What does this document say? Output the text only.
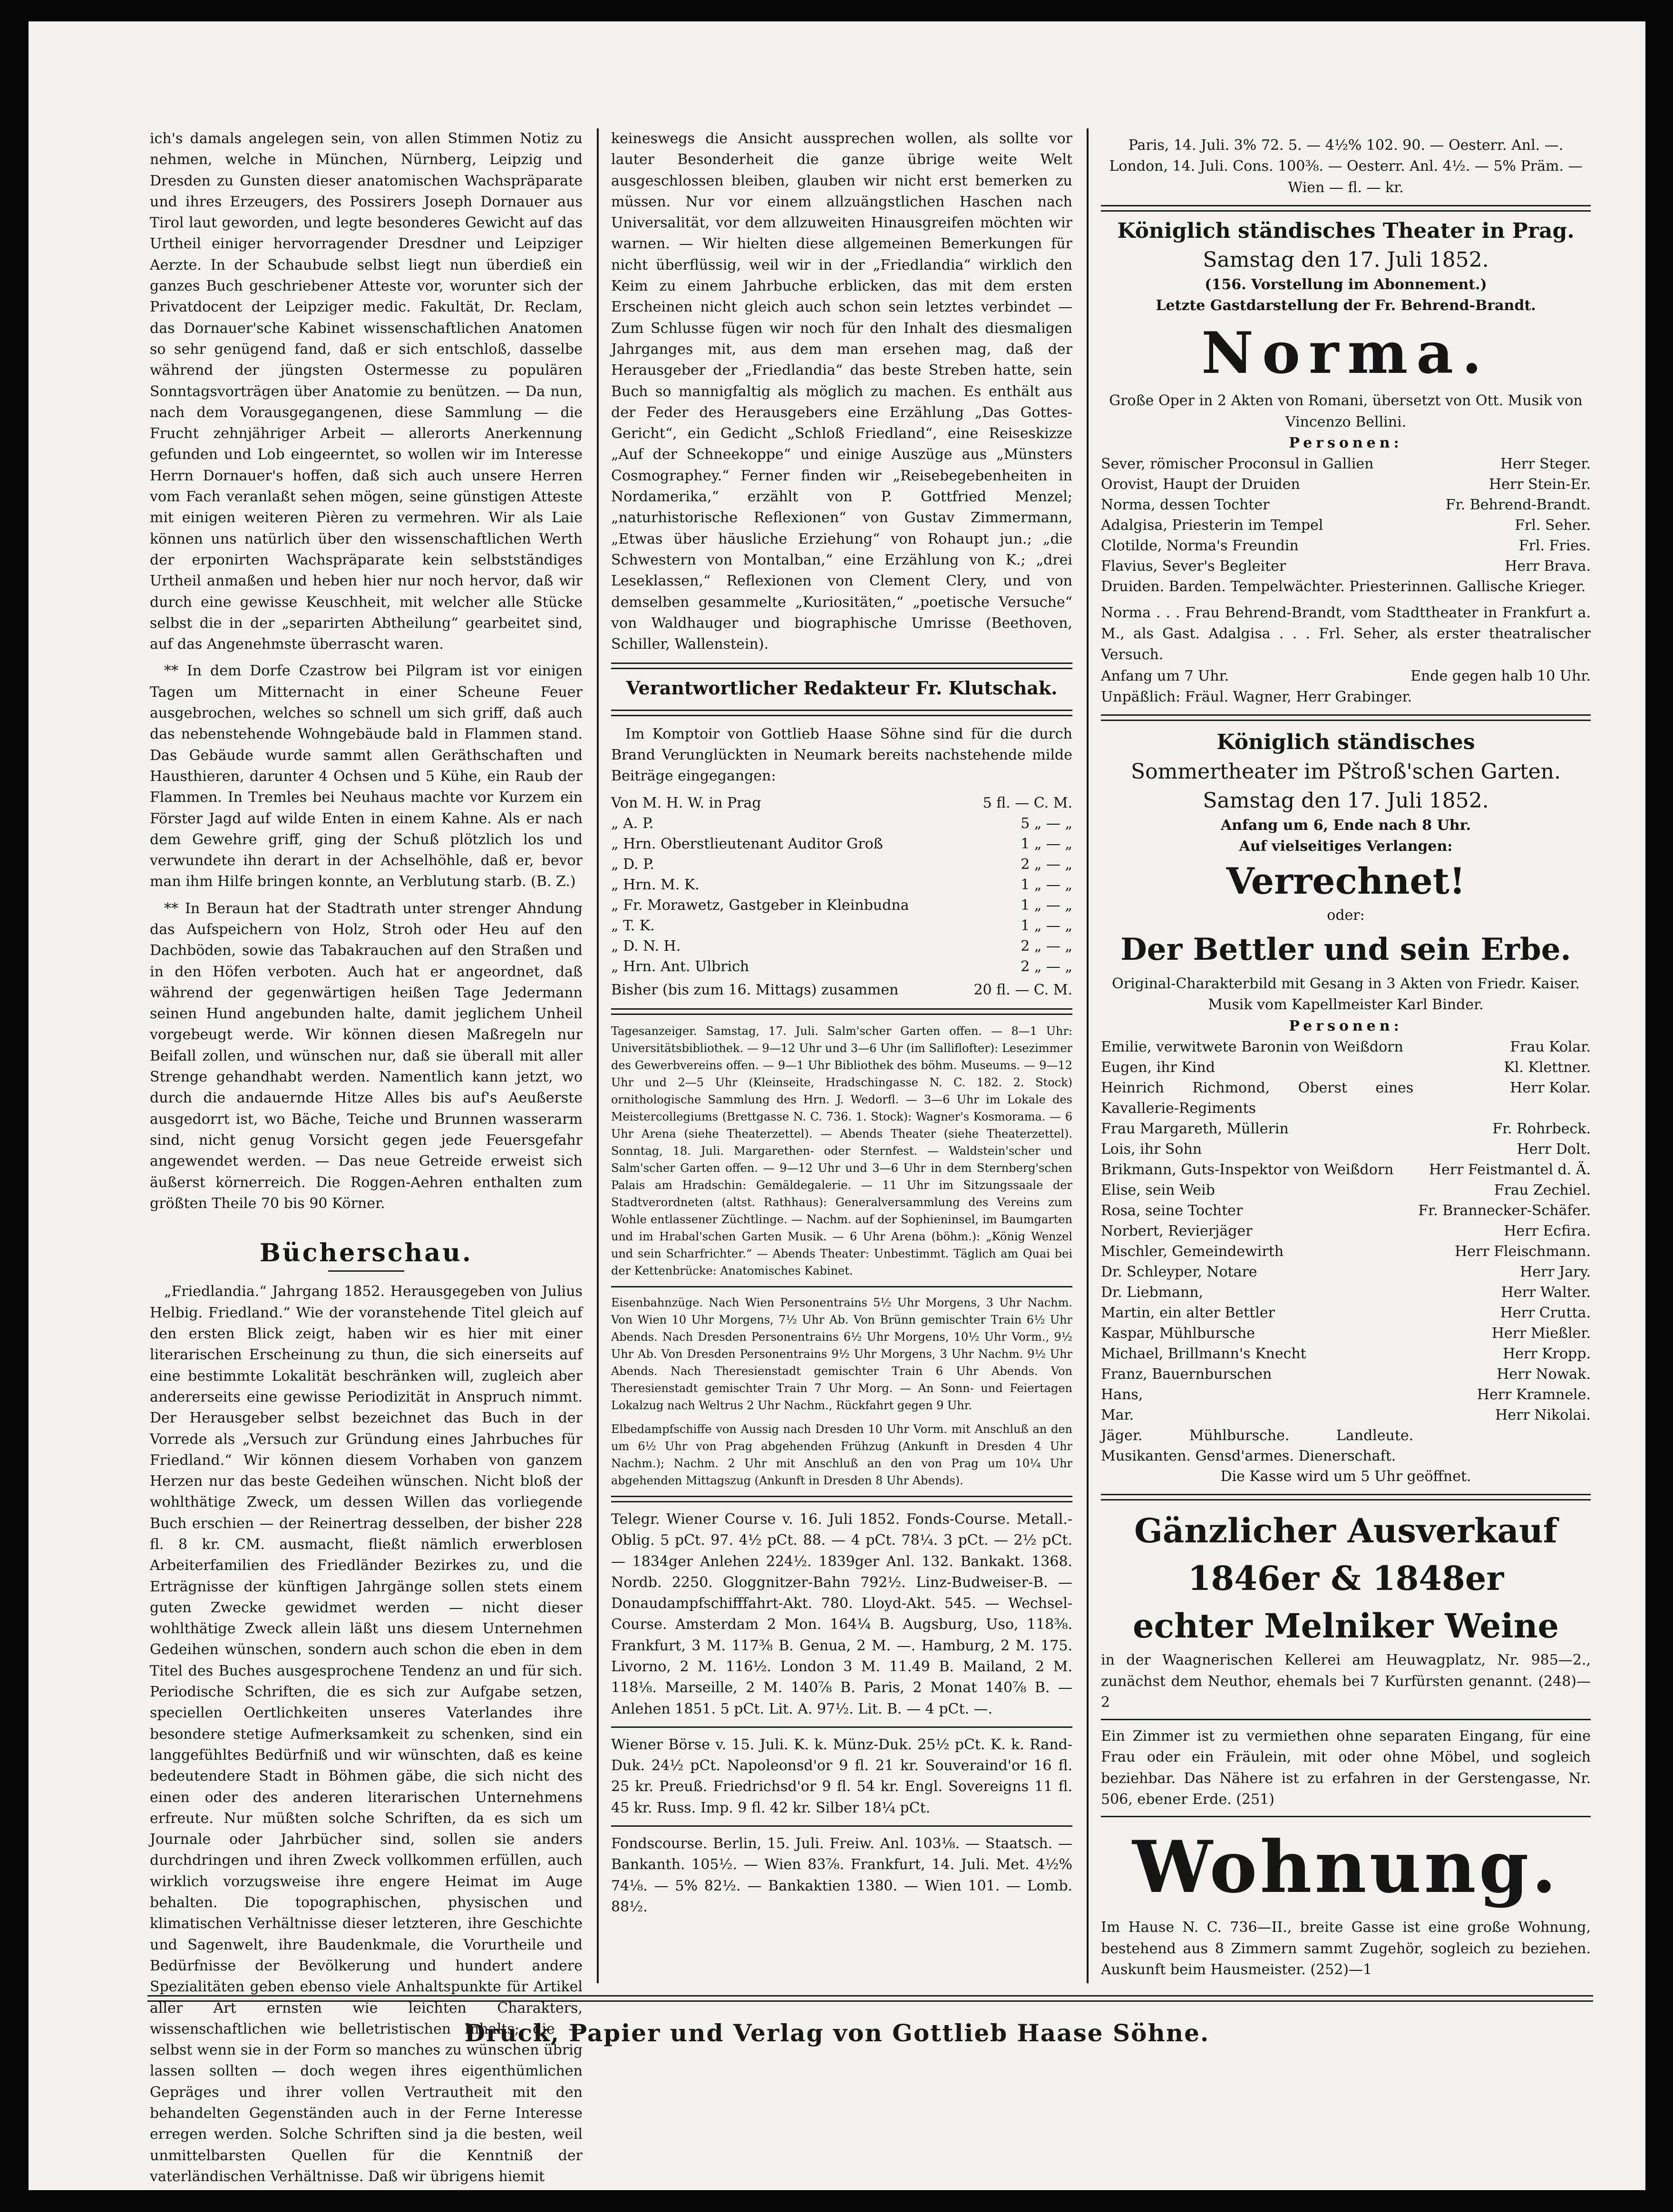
ich's damals angelegen sein, von allen Stimmen Notiz zu nehmen, welche in München, Nürnberg, Leipzig und Dresden zu Gunsten dieser anatomischen Wachspräparate und ihres Erzeugers, des Possirers Joseph Dornauer aus Tirol laut geworden, und legte besonderes Gewicht auf das Urtheil einiger hervorragender Dresdner und Leipziger Aerzte. In der Schaubude selbst liegt nun überdieß ein ganzes Buch geschriebener Atteste vor, worunter sich der Privatdocent der Leipziger medic. Fakultät, Dr. Reclam, das Dornauer'sche Kabinet wissenschaftlichen Anatomen so sehr genügend fand, daß er sich entschloß, dasselbe während der jüngsten Ostermesse zu populären Sonntagsvorträgen über Anatomie zu benützen. — Da nun, nach dem Vorausgegangenen, diese Sammlung — die Frucht zehnjähriger Arbeit — allerorts Anerkennung gefunden und Lob eingeerntet, so wollen wir im Interesse Herrn Dornauer's hoffen, daß sich auch unsere Herren vom Fach veranlaßt sehen mögen, seine günstigen Atteste mit einigen weiteren Pièren zu vermehren. Wir als Laie können uns natürlich über den wissenschaftlichen Werth der erponirten Wachspräparate kein selbstständiges Urtheil anmaßen und heben hier nur noch hervor, daß wir durch eine gewisse Keuschheit, mit welcher alle Stücke selbst die in der „separirten Abtheilung“ gearbeitet sind, auf das Angenehmste überrascht waren.

** In dem Dorfe Czastrow bei Pilgram ist vor einigen Tagen um Mitternacht in einer Scheune Feuer ausgebrochen, welches so schnell um sich griff, daß auch das nebenstehende Wohngebäude bald in Flammen stand. Das Gebäude wurde sammt allen Geräthschaften und Hausthieren, darunter 4 Ochsen und 5 Kühe, ein Raub der Flammen. In Tremles bei Neuhaus machte vor Kurzem ein Förster Jagd auf wilde Enten in einem Kahne. Als er nach dem Gewehre griff, ging der Schuß plötzlich los und verwundete ihn derart in der Achselhöhle, daß er, bevor man ihm Hilfe bringen konnte, an Verblutung starb. (B. Z.)

** In Beraun hat der Stadtrath unter strenger Ahndung das Aufspeichern von Holz, Stroh oder Heu auf den Dachböden, sowie das Tabakrauchen auf den Straßen und in den Höfen verboten. Auch hat er angeordnet, daß während der gegenwärtigen heißen Tage Jedermann seinen Hund angebunden halte, damit jeglichem Unheil vorgebeugt werde. Wir können diesen Maßregeln nur Beifall zollen, und wünschen nur, daß sie überall mit aller Strenge gehandhabt werden. Namentlich kann jetzt, wo durch die andauernde Hitze Alles bis auf's Aeußerste ausgedorrt ist, wo Bäche, Teiche und Brunnen wasserarm sind, nicht genug Vorsicht gegen jede Feuersgefahr angewendet werden. — Das neue Getreide erweist sich äußerst körnerreich. Die Roggen-Aehren enthalten zum größten Theile 70 bis 90 Körner.

Bücherschau.

„Friedlandia.“ Jahrgang 1852. Herausgegeben von Julius Helbig. Friedland.“ Wie der voranstehende Titel gleich auf den ersten Blick zeigt, haben wir es hier mit einer literarischen Erscheinung zu thun, die sich einerseits auf eine bestimmte Lokalität beschränken will, zugleich aber andererseits eine gewisse Periodizität in Anspruch nimmt. Der Herausgeber selbst bezeichnet das Buch in der Vorrede als „Versuch zur Gründung eines Jahrbuches für Friedland.“ Wir können diesem Vorhaben von ganzem Herzen nur das beste Gedeihen wünschen. Nicht bloß der wohlthätige Zweck, um dessen Willen das vorliegende Buch erschien — der Reinertrag desselben, der bisher 228 fl. 8 kr. CM. ausmacht, fließt nämlich erwerblosen Arbeiterfamilien des Friedländer Bezirkes zu, und die Erträgnisse der künftigen Jahrgänge sollen stets einem guten Zwecke gewidmet werden — nicht dieser wohlthätige Zweck allein läßt uns diesem Unternehmen Gedeihen wünschen, sondern auch schon die eben in dem Titel des Buches ausgesprochene Tendenz an und für sich. Periodische Schriften, die es sich zur Aufgabe setzen, speciellen Oertlichkeiten unseres Vaterlandes ihre besondere stetige Aufmerksamkeit zu schenken, sind ein langgefühltes Bedürfniß und wir wünschten, daß es keine bedeutendere Stadt in Böhmen gäbe, die sich nicht des einen oder des anderen literarischen Unternehmens erfreute. Nur müßten solche Schriften, da es sich um Journale oder Jahrbücher sind, sollen sie anders durchdringen und ihren Zweck vollkommen erfüllen, auch wirklich vorzugsweise ihre engere Heimat im Auge behalten. Die topographischen, physischen und klimatischen Verhältnisse dieser letzteren, ihre Geschichte und Sagenwelt, ihre Baudenkmale, die Vorurtheile und Bedürfnisse der Bevölkerung und hundert andere Spezialitäten geben ebenso viele Anhaltspunkte für Artikel aller Art ernsten wie leichten Charakters, wissenschaftlichen wie belletristischen Inhalts; die — selbst wenn sie in der Form so manches zu wünschen übrig lassen sollten — doch wegen ihres eigenthümlichen Gepräges und ihrer vollen Vertrautheit mit den behandelten Gegenständen auch in der Ferne Interesse erregen werden. Solche Schriften sind ja die besten, weil unmittelbarsten Quellen für die Kenntniß der vaterländischen Verhältnisse. Daß wir übrigens hiemit

keineswegs die Ansicht aussprechen wollen, als sollte vor lauter Besonderheit die ganze übrige weite Welt ausgeschlossen bleiben, glauben wir nicht erst bemerken zu müssen. Nur vor einem allzuängstlichen Haschen nach Universalität, vor dem allzuweiten Hinausgreifen möchten wir warnen. — Wir hielten diese allgemeinen Bemerkungen für nicht überflüssig, weil wir in der „Friedlandia“ wirklich den Keim zu einem Jahrbuche erblicken, das mit dem ersten Erscheinen nicht gleich auch schon sein letztes verbindet — Zum Schlusse fügen wir noch für den Inhalt des diesmaligen Jahrganges mit, aus dem man ersehen mag, daß der Herausgeber der „Friedlandia“ das beste Streben hatte, sein Buch so mannigfaltig als möglich zu machen. Es enthält aus der Feder des Herausgebers eine Erzählung „Das Gottes-Gericht“, ein Gedicht „Schloß Friedland“, eine Reiseskizze „Auf der Schneekoppe“ und einige Auszüge aus „Münsters Cosmographey.“ Ferner finden wir „Reisebegebenheiten in Nordamerika,“ erzählt von P. Gottfried Menzel; „naturhistorische Reflexionen“ von Gustav Zimmermann, „Etwas über häusliche Erziehung“ von Rohaupt jun.; „die Schwestern von Montalban,“ eine Erzählung von K.; „drei Leseklassen,“ Reflexionen von Clement Clery, und von demselben gesammelte „Kuriositäten,“ „poetische Versuche“ von Waldhauger und biographische Umrisse (Beethoven, Schiller, Wallenstein).

Verantwortlicher Redakteur Fr. Klutschak.

Im Komptoir von Gottlieb Haase Söhne sind für die durch Brand Verunglückten in Neumark bereits nachstehende milde Beiträge eingegangen:

Von M. H. W. in Prag	5 fl. — C. M.
„ A. P.	5 „ — „
„ Hrn. Oberstlieutenant Auditor Groß	1 „ — „
„ D. P.	2 „ — „
„ Hrn. M. K.	1 „ — „
„ Fr. Morawetz, Gastgeber in Kleinbudna	1 „ — „
„ T. K.	1 „ — „
„ D. N. H.	2 „ — „
„ Hrn. Ant. Ulbrich	2 „ — „
Bisher (bis zum 16. Mittags) zusammen	20 fl. — C. M.
Tagesanzeiger. Samstag, 17. Juli. Salm'scher Garten offen. — 8—1 Uhr: Universitätsbibliothek. — 9—12 Uhr und 3—6 Uhr (im Salliflofter): Lesezimmer des Gewerbvereins offen. — 9—1 Uhr Bibliothek des böhm. Museums. — 9—12 Uhr und 2—5 Uhr (Kleinseite, Hradschingasse N. C. 182. 2. Stock) ornithologische Sammlung des Hrn. J. Wedorfl. — 3—6 Uhr im Lokale des Meistercollegiums (Brettgasse N. C. 736. 1. Stock): Wagner's Kosmorama. — 6 Uhr Arena (siehe Theaterzettel). — Abends Theater (siehe Theaterzettel). Sonntag, 18. Juli. Margarethen- oder Sternfest. — Waldstein'scher und Salm'scher Garten offen. — 9—12 Uhr und 3—6 Uhr in dem Sternberg'schen Palais am Hradschin: Gemäldegalerie. — 11 Uhr im Sitzungssaale der Stadtverordneten (altst. Rathhaus): Generalversammlung des Vereins zum Wohle entlassener Züchtlinge. — Nachm. auf der Sophieninsel, im Baumgarten und im Hrabal'schen Garten Musik. — 6 Uhr Arena (böhm.): „König Wenzel und sein Scharfrichter.“ — Abends Theater: Unbestimmt. Täglich am Quai bei der Kettenbrücke: Anatomisches Kabinet.
Eisenbahnzüge. Nach Wien Personentrains 5½ Uhr Morgens, 3 Uhr Nachm. Von Wien 10 Uhr Morgens, 7½ Uhr Ab. Von Brünn gemischter Train 6½ Uhr Abends. Nach Dresden Personentrains 6½ Uhr Morgens, 10½ Uhr Vorm., 9½ Uhr Ab. Von Dresden Personentrains 9½ Uhr Morgens, 3 Uhr Nachm. 9½ Uhr Abends. Nach Theresienstadt gemischter Train 6 Uhr Abends. Von Theresienstadt gemischter Train 7 Uhr Morg. — An Sonn- und Feiertagen Lokalzug nach Weltrus 2 Uhr Nachm., Rückfahrt gegen 9 Uhr.
Elbedampfschiffe von Aussig nach Dresden 10 Uhr Vorm. mit Anschluß an den um 6½ Uhr von Prag abgehenden Frühzug (Ankunft in Dresden 4 Uhr Nachm.); Nachm. 2 Uhr mit Anschluß an den von Prag um 10¼ Uhr abgehenden Mittagszug (Ankunft in Dresden 8 Uhr Abends).
Telegr. Wiener Course v. 16. Juli 1852. Fonds-Course. Metall.-Oblig. 5 pCt. 97. 4½ pCt. 88. — 4 pCt. 78¼. 3 pCt. — 2½ pCt. — 1834ger Anlehen 224½. 1839ger Anl. 132. Bankakt. 1368. Nordb. 2250. Gloggnitzer-Bahn 792½. Linz-Budweiser-B. — Donaudampfschifffahrt-Akt. 780. Lloyd-Akt. 545. — Wechsel-Course. Amsterdam 2 Mon. 164¼ B. Augsburg, Uso, 118⅜. Frankfurt, 3 M. 117⅜ B. Genua, 2 M. —. Hamburg, 2 M. 175. Livorno, 2 M. 116½. London 3 M. 11.49 B. Mailand, 2 M. 118⅛. Marseille, 2 M. 140⅞ B. Paris, 2 Monat 140⅞ B. — Anlehen 1851. 5 pCt. Lit. A. 97½. Lit. B. — 4 pCt. —.
Wiener Börse v. 15. Juli. K. k. Münz-Duk. 25½ pCt. K. k. Rand-Duk. 24½ pCt. Napoleonsd'or 9 fl. 21 kr. Souveraind'or 16 fl. 25 kr. Preuß. Friedrichsd'or 9 fl. 54 kr. Engl. Sovereigns 11 fl. 45 kr. Russ. Imp. 9 fl. 42 kr. Silber 18¼ pCt.
Fondscourse. Berlin, 15. Juli. Freiw. Anl. 103⅛. — Staatsch. — Bankanth. 105½. — Wien 83⅞. Frankfurt, 14. Juli. Met. 4½% 74⅛. — 5% 82½. — Bankaktien 1380. — Wien 101. — Lomb. 88½.
Paris, 14. Juli. 3% 72. 5. — 4½% 102. 90. — Oesterr. Anl. —. London, 14. Juli. Cons. 100⅜. — Oesterr. Anl. 4½. — 5% Präm. — Wien — fl. — kr.
Königlich ständisches Theater in Prag.
Samstag den 17. Juli 1852.
(156. Vorstellung im Abonnement.)
Letzte Gastdarstellung der Fr. Behrend-Brandt.
Norma.
Große Oper in 2 Akten von Romani, übersetzt von Ott. Musik von Vincenzo Bellini.
Personen:
Sever, römischer Proconsul in Gallien	Herr Steger.
Orovist, Haupt der Druiden	Herr Stein-Er.
Norma, dessen Tochter	Fr. Behrend-Brandt.
Adalgisa, Priesterin im Tempel	Frl. Seher.
Clotilde, Norma's Freundin	Frl. Fries.
Flavius, Sever's Begleiter	Herr Brava.
Druiden. Barden. Tempelwächter. Priesterinnen. Gallische Krieger.
Norma . . . Frau Behrend-Brandt, vom Stadttheater in Frankfurt a. M., als Gast. Adalgisa . . . Frl. Seher, als erster theatralischer Versuch.
Anfang um 7 Uhr.	Ende gegen halb 10 Uhr.
Unpäßlich: Fräul. Wagner, Herr Grabinger.
Königlich ständisches
Sommertheater im Pštroß'schen Garten.
Samstag den 17. Juli 1852.
Anfang um 6, Ende nach 8 Uhr.
Auf vielseitiges Verlangen:
Verrechnet!
oder:
Der Bettler und sein Erbe.
Original-Charakterbild mit Gesang in 3 Akten von Friedr. Kaiser. Musik vom Kapellmeister Karl Binder.
Personen:
Emilie, verwitwete Baronin von Weißdorn	Frau Kolar.
Eugen, ihr Kind	Kl. Klettner.
Heinrich Richmond, Oberst eines Kavallerie-Regiments	Herr Kolar.
Frau Margareth, Müllerin	Fr. Rohrbeck.
Lois, ihr Sohn	Herr Dolt.
Brikmann, Guts-Inspektor von Weißdorn	Herr Feistmantel d. Ä.
Elise, sein Weib	Frau Zechiel.
Rosa, seine Tochter	Fr. Brannecker-Schäfer.
Norbert, Revierjäger	Herr Ecfira.
Mischler, Gemeindewirth	Herr Fleischmann.
Dr. Schleyper, Notare	Herr Jary.
Dr. Liebmann,	Herr Walter.
Martin, ein alter Bettler	Herr Crutta.
Kaspar, Mühlbursche	Herr Mießler.
Michael, Brillmann's Knecht	Herr Kropp.
Franz, Bauernburschen	Herr Nowak.
Hans,	Herr Kramnele.
Mar.	Herr Nikolai.
Jäger. Mühlbursche. Landleute. Musikanten. Gensd'armes. Dienerschaft.	
Die Kasse wird um 5 Uhr geöffnet.
Gänzlicher Ausverkauf
1846er & 1848er
echter Melniker Weine
in der Waagnerischen Kellerei am Heuwagplatz, Nr. 985—2., zunächst dem Neuthor, ehemals bei 7 Kurfürsten genannt. (248)—2
Ein Zimmer ist zu vermiethen ohne separaten Eingang, für eine Frau oder ein Fräulein, mit oder ohne Möbel, und sogleich beziehbar. Das Nähere ist zu erfahren in der Gerstengasse, Nr. 506, ebener Erde. (251)
Wohnung.
Im Hause N. C. 736—II., breite Gasse ist eine große Wohnung, bestehend aus 8 Zimmern sammt Zugehör, sogleich zu beziehen. Auskunft beim Hausmeister. (252)—1
Druck, Papier und Verlag von Gottlieb Haase Söhne.
